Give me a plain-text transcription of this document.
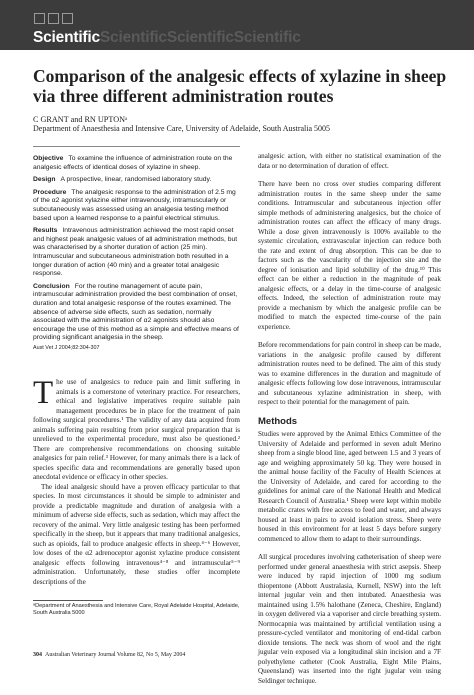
ScientificScientificScientificScientific
Comparison of the analgesic effects of xylazine in sheep via three different administration routes

C GRANT and RN UPTONᵃ

Department of Anaesthesia and Intensive Care, University of Adelaide, South Australia 5005

Objective To examine the influence of administration route on the analgesic effects of identical doses of xylazine in sheep.

Design A prospective, linear, randomised laboratory study.

Procedure The analgesic response to the administration of 2.5 mg of the α2 agonist xylazine either intravenously, intramuscularly or subcutaneously was assessed using an analgesia testing method based upon a learned response to a painful electrical stimulus.

Results Intravenous administration achieved the most rapid onset and highest peak analgesic values of all administration methods, but was characterised by a shorter duration of action (25 min). Intramuscular and subcutaneous administration both resulted in a longer duration of action (40 min) and a greater total analgesic response.

Conclusion For the routine management of acute pain, intramuscular administration provided the best combination of onset, duration and total analgesic response of the routes examined. The absence of adverse side effects, such as sedation, normally associated with the administration of α2 agonists should also encourage the use of this method as a simple and effective means of providing significant analgesia in the sheep.

Aust Vet J 2004;82:304-307

The use of analgesics to reduce pain and limit suffering in animals is a cornerstone of veterinary practice. For researchers, ethical and legislative imperatives require suitable pain management procedures be in place for the treatment of pain following surgical procedures.¹ The validity of any data acquired from animals suffering pain resulting from prior surgical preparation that is unrelieved to the experimental procedure, must also be questioned.² There are comprehensive recommendations on choosing suitable analgesics for pain relief.³ However, for many animals there is a lack of species specific data and recommendations are generally based upon anecdotal evidence or efficacy in other species.

The ideal analgesic should have a proven efficacy particular to that species. In most circumstances it should be simple to administer and provide a predictable magnitude and duration of analgesia with a minimum of adverse side effects, such as sedation, which may affect the recovery of the animal. Very little analgesic testing has been performed specifically in the sheep, but it appears that many traditional analgesics, such as opioids, fail to produce analgesic effects in sheep.⁴⁻⁶ However, low doses of the α2 adrenoceptor agonist xylazine produce consistent analgesic effects following intravenous⁴⁻⁸ and intramuscular⁵⁻⁹ administration. Unfortunately, these studies offer incomplete descriptions of the

ᵃDepartment of Anaesthesia and Intensive Care, Royal Adelaide Hospital, Adelaide, South Australia 5000

analgesic action, with either no statistical examination of the data or no determination of duration of effect.

There have been no cross over studies comparing different administration routes in the same sheep under the same conditions. Intramuscular and subcutaneous injection offer simple methods of administering analgesics, but the choice of administration routes can affect the efficacy of many drugs. While a dose given intravenously is 100% available to the systemic circulation, extravascular injection can reduce both the rate and extent of drug absorption. This can be due to factors such as the vascularity of the injection site and the degree of ionisation and lipid solubility of the drug.¹⁰ This effect can be either a reduction in the magnitude of peak analgesic effects, or a delay in the time-course of analgesic effects. Indeed, the selection of administration route may provide a mechanism by which the analgesic profile can be modified to match the expected time-course of the pain experience.

Before recommendations for pain control in sheep can be made, variations in the analgesic profile caused by different administration routes need to be defined. The aim of this study was to examine differences in the duration and magnitude of analgesic effects following low dose intravenous, intramuscular and subcutaneous xylazine administration in sheep, with respect to their potential for the management of pain.

Methods

Studies were approved by the Animal Ethics Committee of the University of Adelaide and performed in seven adult Merino sheep from a single blood line, aged between 1.5 and 3 years of age and weighing approximately 50 kg. They were housed in the animal house facility of the Faculty of Health Sciences at the University of Adelaide, and cared for according to the guidelines for animal care of the National Health and Medical Research Council of Australia.¹ Sheep were kept within mobile metabolic crates with free access to feed and water, and always housed at least in pairs to avoid isolation stress. Sheep were housed in this environment for at least 5 days before surgery commenced to allow them to adapt to their surroundings.

All surgical procedures involving catheterisation of sheep were performed under general anaesthesia with strict asepsis. Sheep were induced by rapid injection of 1000 mg sodium thiopentone (Abbott Australasia, Kurnell, NSW) into the left internal jugular vein and then intubated. Anaesthesia was maintained using 1.5% halothane (Zeneca, Cheshire, England) in oxygen delivered via a vaporiser and circle breathing system. Normocapnia was maintained by artificial ventilation using a pressure-cycled ventilator and monitoring of end-tidal carbon dioxide tensions. The neck was shorn of wool and the right jugular vein exposed via a longitudinal skin incision and a 7F polyethylene catheter (Cook Australia, Eight Mile Plains, Queensland) was inserted into the right jugular vein using Seldinger technique.

304 Australian Veterinary Journal Volume 82, No 5, May 2004
